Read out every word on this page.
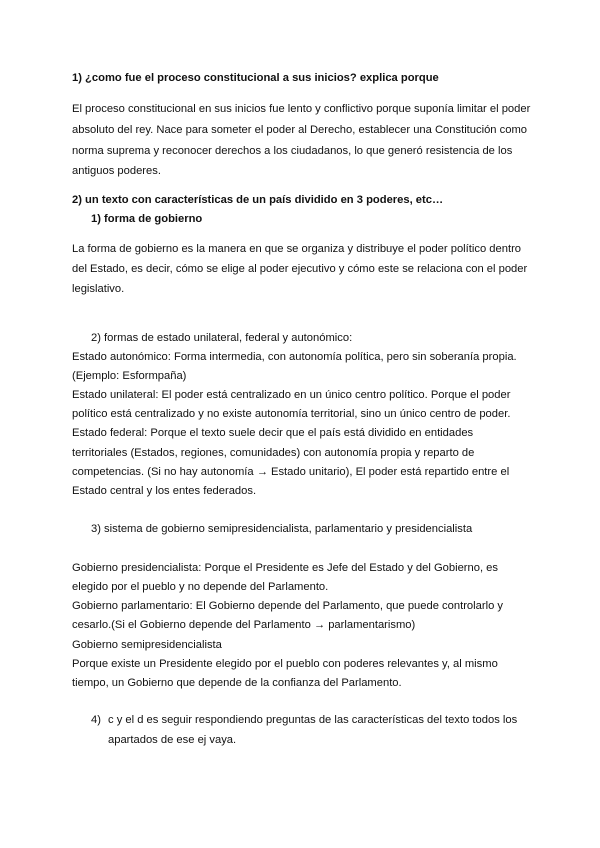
1) ¿como fue el proceso constitucional a sus inicios? explica porque
El proceso constitucional en sus inicios fue lento y conflictivo porque suponía limitar el poder
absoluto del rey. Nace para someter el poder al Derecho, establecer una Constitución como
norma suprema y reconocer derechos a los ciudadanos, lo que generó resistencia de los
antiguos poderes.
2) un texto con características de un país dividido en 3 poderes, etc…
1) forma de gobierno
La forma de gobierno es la manera en que se organiza y distribuye el poder político dentro
del Estado, es decir, cómo se elige al poder ejecutivo y cómo este se relaciona con el poder
legislativo.
2) formas de estado unilateral, federal y autonómico:
Estado autonómico: Forma intermedia, con autonomía política, pero sin soberanía propia.
(Ejemplo: Esformpaña)
Estado unilateral: El poder está centralizado en un único centro político. Porque el poder
político está centralizado y no existe autonomía territorial, sino un único centro de poder.
Estado federal: Porque el texto suele decir que el país está dividido en entidades
territoriales (Estados, regiones, comunidades) con autonomía propia y reparto de
competencias. (Si no hay autonomía → Estado unitario), El poder está repartido entre el
Estado central y los entes federados.
3) sistema de gobierno semipresidencialista, parlamentario y presidencialista
Gobierno presidencialista: Porque el Presidente es Jefe del Estado y del Gobierno, es
elegido por el pueblo y no depende del Parlamento.
Gobierno parlamentario: El Gobierno depende del Parlamento, que puede controlarlo y
cesarlo.(Si el Gobierno depende del Parlamento → parlamentarismo)
Gobierno semipresidencialista
Porque existe un Presidente elegido por el pueblo con poderes relevantes y, al mismo
tiempo, un Gobierno que depende de la confianza del Parlamento.
4) c y el d es seguir respondiendo preguntas de las características del texto todos los
apartados de ese ej vaya.
